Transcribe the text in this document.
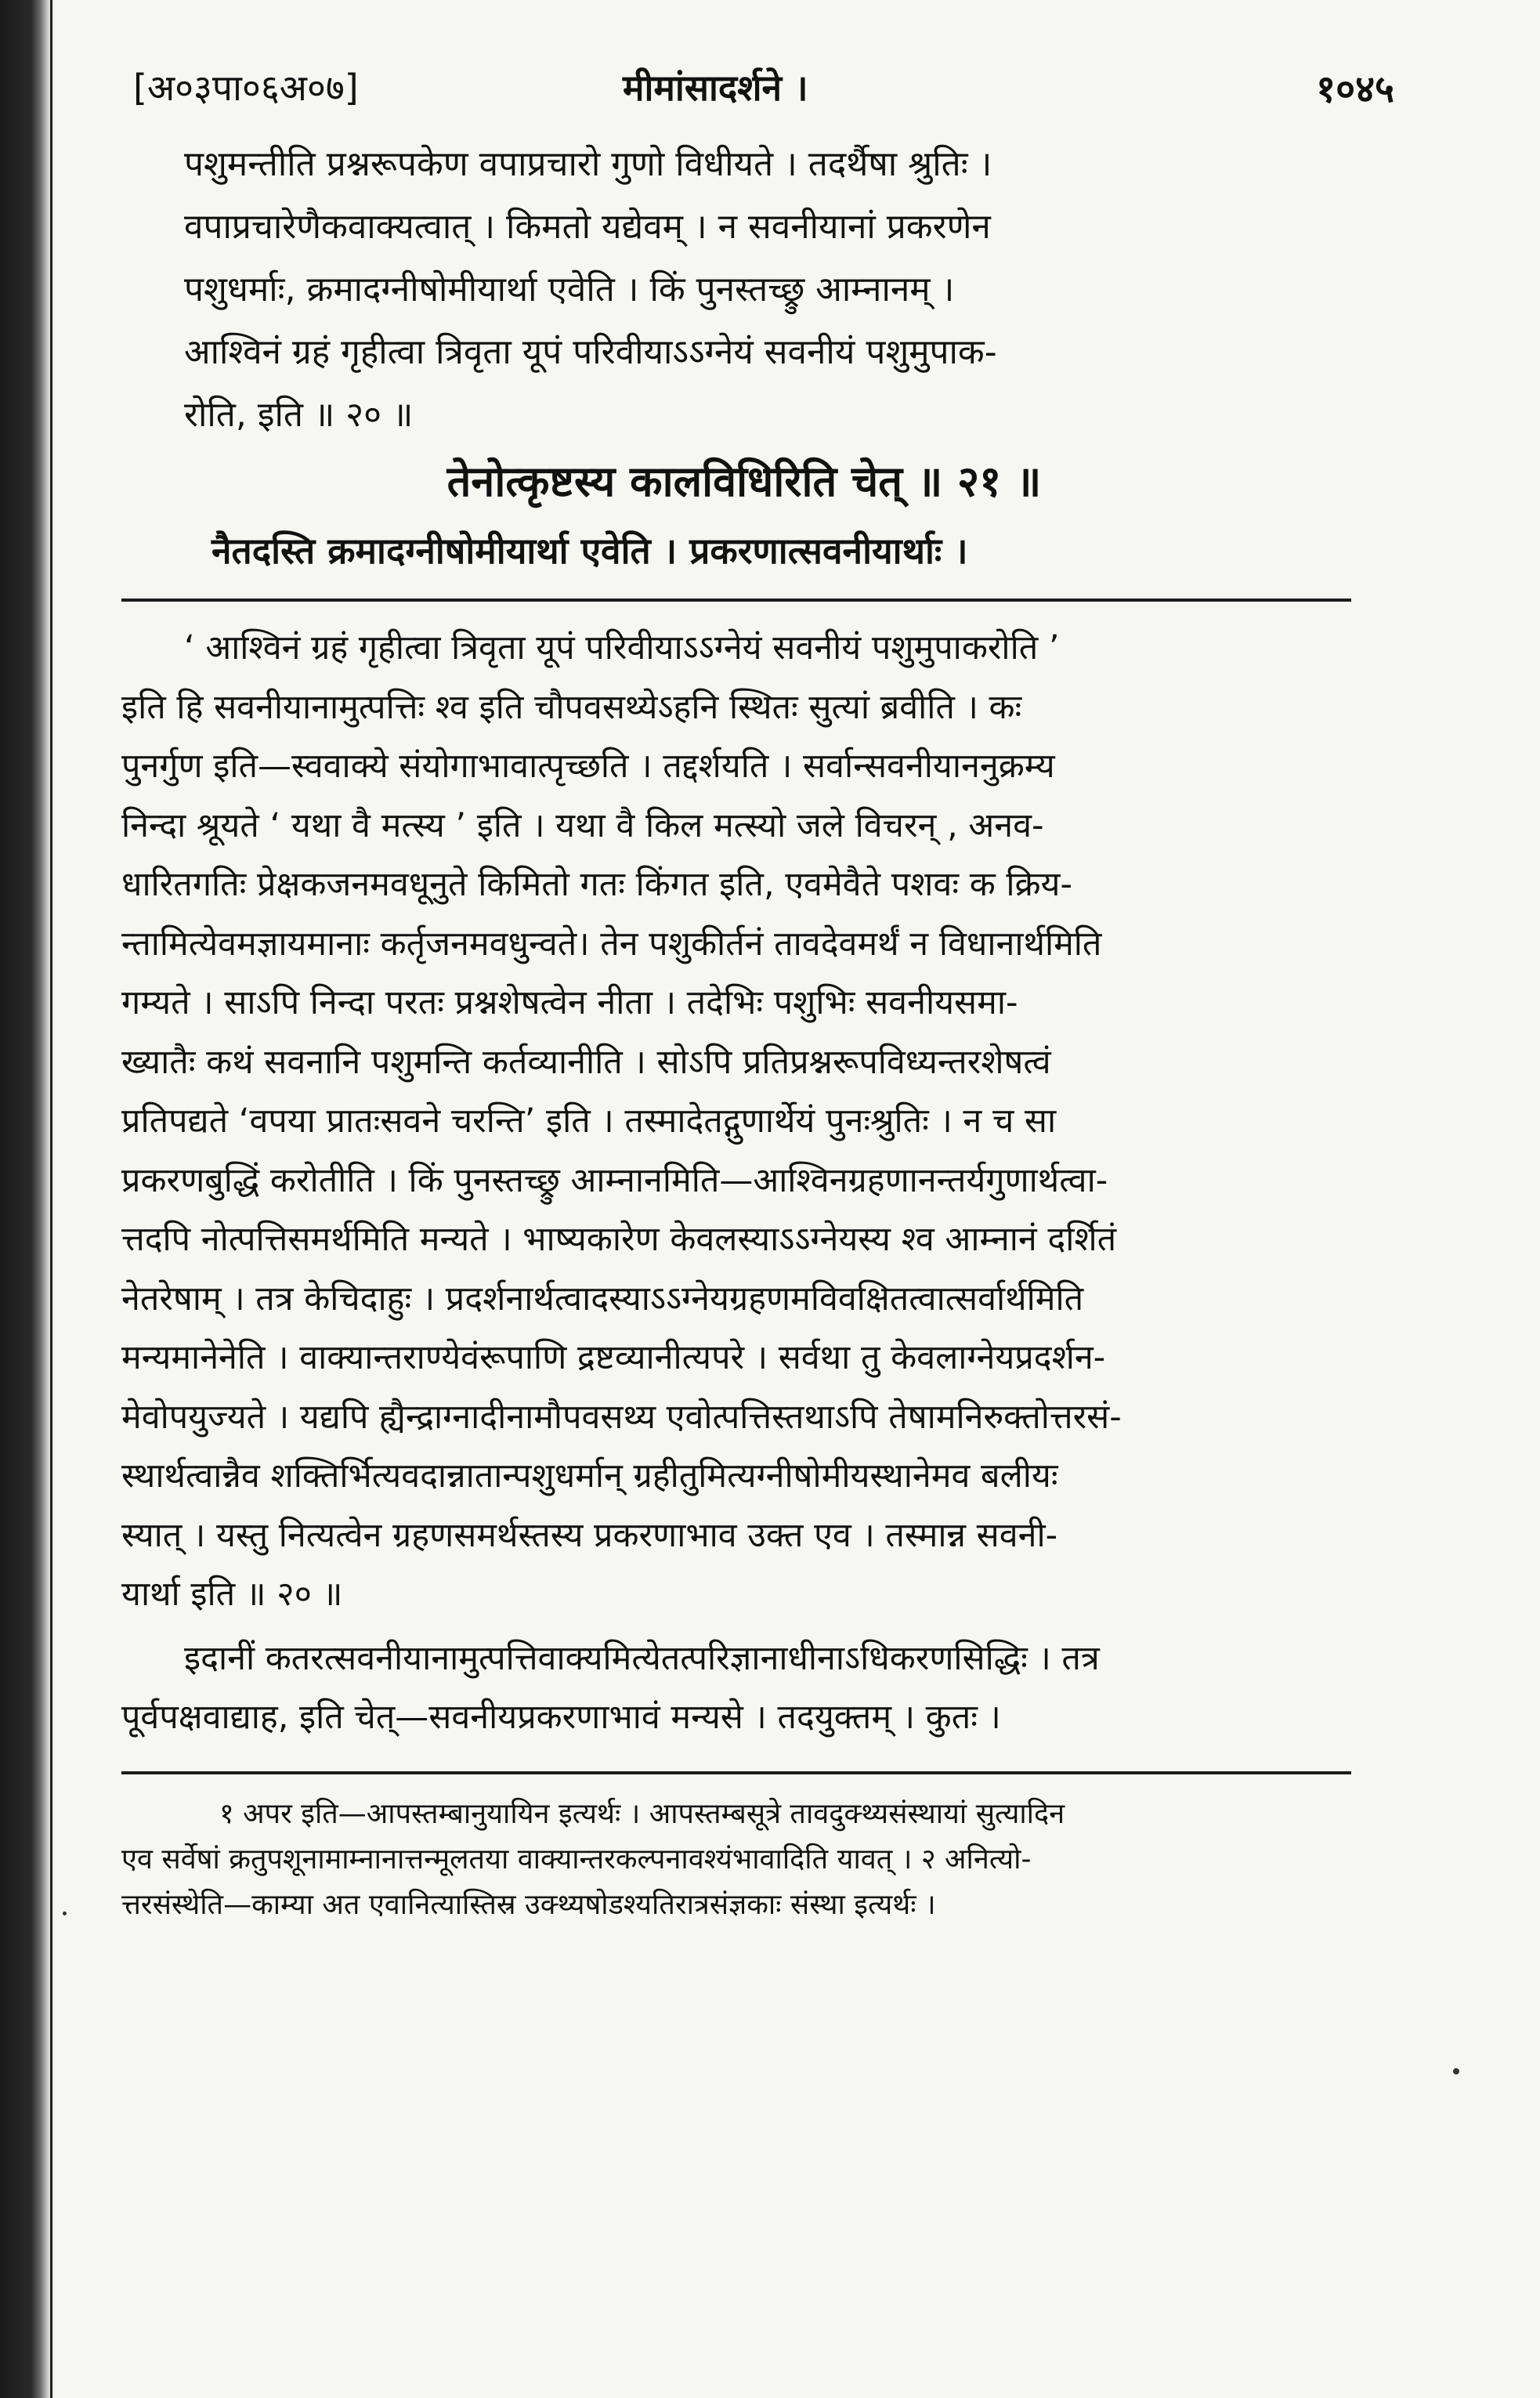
[अ०३पा०६अ०७]	मीमांसादर्शने ।	१०४५
पशुमन्तीति प्रश्नरूपकेण वपाप्रचारो गुणो विधीयते । तदर्थैषा श्रुतिः ।
वपाप्रचारेणैकवाक्यत्वात् । किमतो यद्येवम् । न सवनीयानां प्रकरणेन
पशुधर्माः, क्रमादग्नीषोमीयार्था एवेति । किं पुनस्तच्छ्रु आम्नानम् ।
आश्विनं ग्रहं गृहीत्वा त्रिवृता यूपं परिवीयाऽऽग्नेयं सवनीयं पशुमुपाक-
रोति, इति ॥ २० ॥
तेनोत्कृष्टस्य कालविधिरिति चेत् ॥ २१ ॥
नैतदस्ति क्रमादग्नीषोमीयार्था एवेति । प्रकरणात्सवनीयार्थाः ।
‘ आश्विनं ग्रहं गृहीत्वा त्रिवृता यूपं परिवीयाऽऽग्नेयं सवनीयं पशुमुपाकरोति ’
इति हि सवनीयानामुत्पत्तिः श्व इति चौपवसथ्येऽहनि स्थितः सुत्यां ब्रवीति । कः
पुनर्गुण इति—स्ववाक्ये संयोगाभावात्पृच्छति । तद्दर्शयति । सर्वान्सवनीयाननुक्रम्य
निन्दा श्रूयते ‘ यथा वै मत्स्य ’ इति । यथा वै किल मत्स्यो जले विचरन् , अनव-
धारितगतिः प्रेक्षकजनमवधूनुते किमितो गतः किंगत इति, एवमेवैते पशवः क क्रिय-
न्तामित्येवमज्ञायमानाः कर्तृजनमवधुन्वते। तेन पशुकीर्तनं तावदेवमर्थं न विधानार्थमिति
गम्यते । साऽपि निन्दा परतः प्रश्नशेषत्वेन नीता । तदेभिः पशुभिः सवनीयसमा-
ख्यातैः कथं सवनानि पशुमन्ति कर्तव्यानीति । सोऽपि प्रतिप्रश्नरूपविध्यन्तरशेषत्वं
प्रतिपद्यते ‘वपया प्रातःसवने चरन्ति’ इति । तस्मादेतद्गुणार्थेयं पुनःश्रुतिः । न च सा
प्रकरणबुद्धिं करोतीति । किं पुनस्तच्छ्रु आम्नानमिति—आश्विनग्रहणानन्तर्यगुणार्थत्वा-
त्तदपि नोत्पत्तिसमर्थमिति मन्यते । भाष्यकारेण केवलस्याऽऽग्नेयस्य श्व आम्नानं दर्शितं
नेतरेषाम् । तत्र केचिदाहुः । प्रदर्शनार्थत्वादस्याऽऽग्नेयग्रहणमविवक्षितत्वात्सर्वार्थमिति
मन्यमानेनेति । वाक्यान्तराण्येवंरूपाणि द्रष्टव्यानीत्यपरे । सर्वथा तु केवलाग्नेयप्रदर्शन-
मेवोपयुज्यते । यद्यपि ह्यैन्द्राग्नादीनामौपवसथ्य एवोत्पत्तिस्तथाऽपि तेषामनिरुक्तोत्तरसं-
स्थार्थत्वान्नैव शक्तिर्भित्यवदान्नातान्पशुधर्मान् ग्रहीतुमित्यग्नीषोमीयस्थानेमव बलीयः
स्यात् । यस्तु नित्यत्वेन ग्रहणसमर्थस्तस्य प्रकरणाभाव उक्त एव । तस्मान्न सवनी-
यार्था इति ॥ २० ॥
इदानीं कतरत्सवनीयानामुत्पत्तिवाक्यमित्येतत्परिज्ञानाधीनाऽधिकरणसिद्धिः । तत्र
पूर्वपक्षवाद्याह, इति चेत्—सवनीयप्रकरणाभावं मन्यसे । तदयुक्तम् । कुतः ।
१ अपर इति—आपस्तम्बानुयायिन इत्यर्थः । आपस्तम्बसूत्रे तावदुक्थ्यसंस्थायां सुत्यादिन
एव सर्वेषां क्रतुपशूनामाम्नानात्तन्मूलतया वाक्यान्तरकल्पनावश्यंभावादिति यावत् । २ अनित्यो-
त्तरसंस्थेति—काम्या अत एवानित्यास्तिस्र उक्थ्यषोडश्यतिरात्रसंज्ञकाः संस्था इत्यर्थः ।
